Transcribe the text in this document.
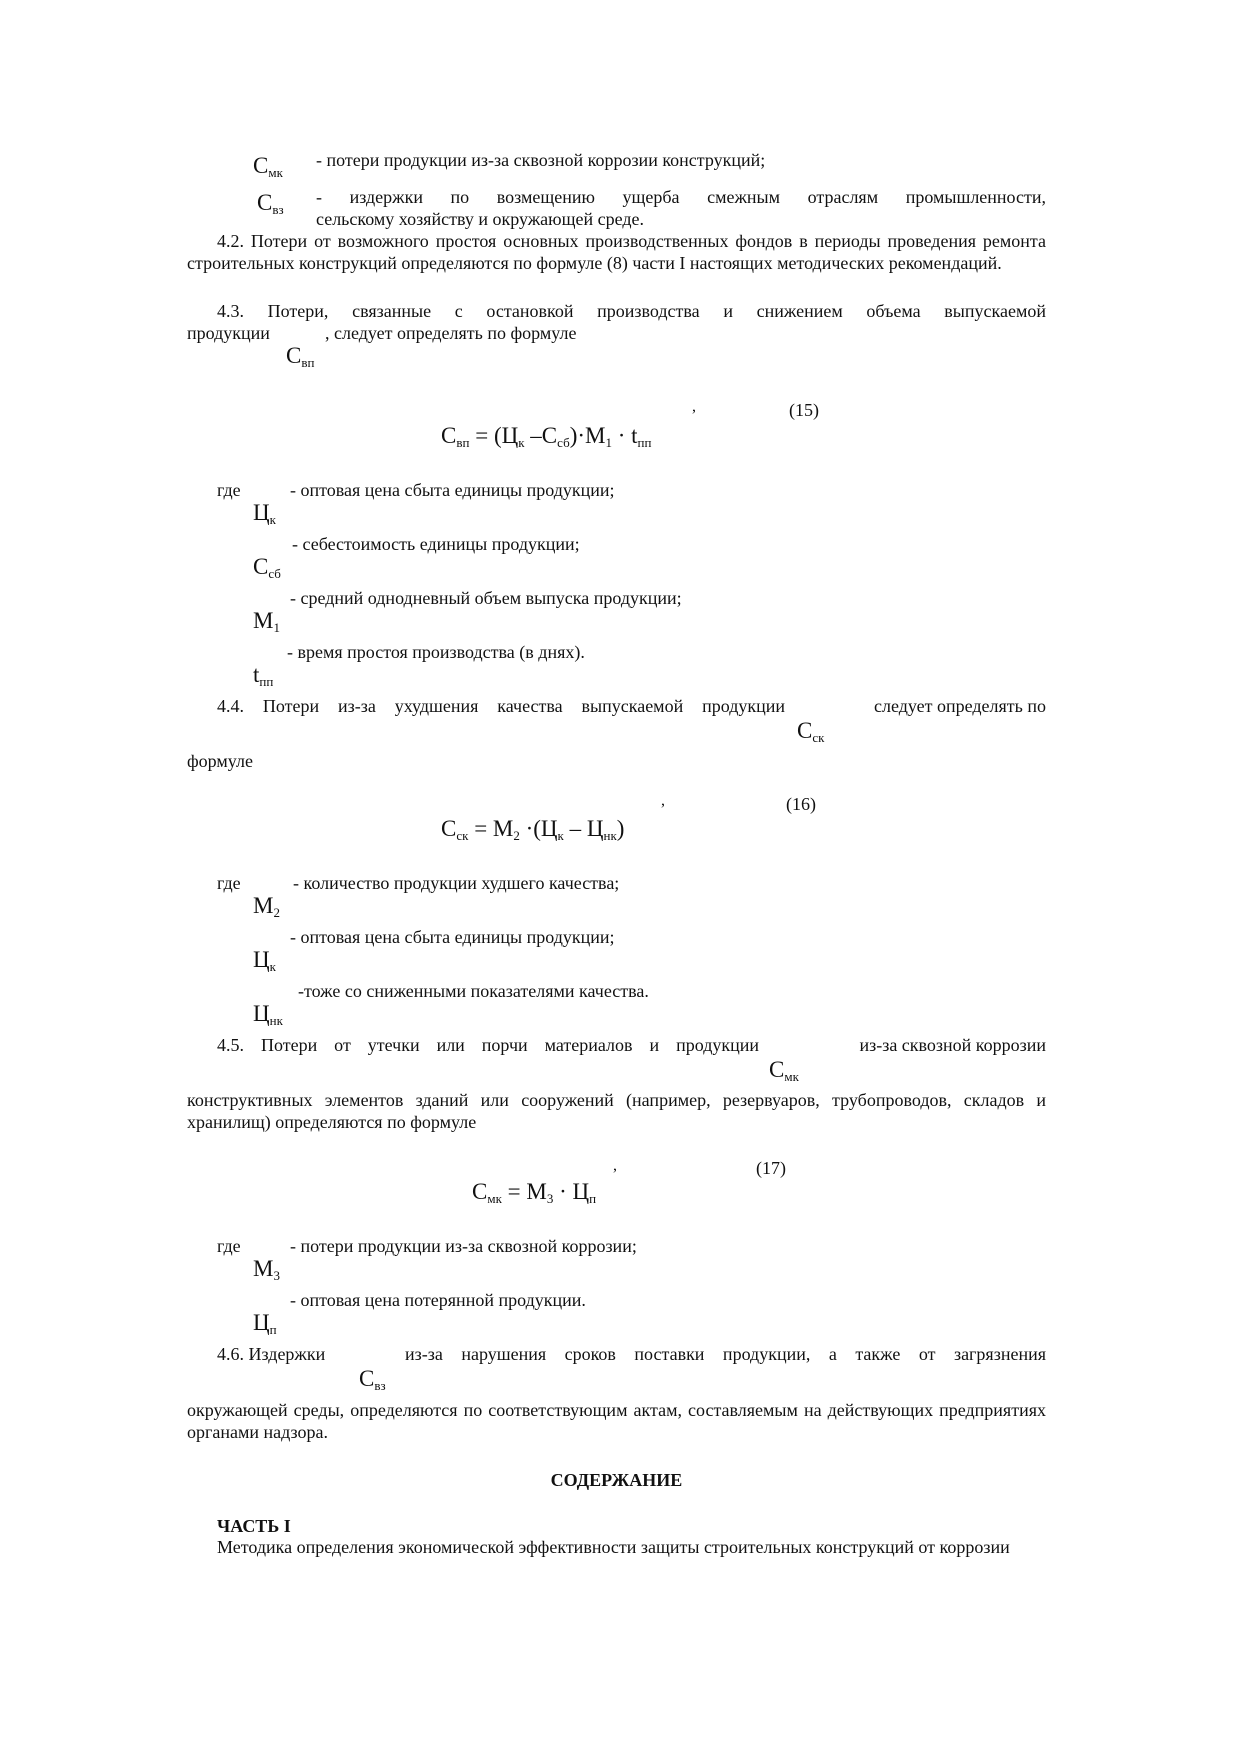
$С_{мк}$
- потери продукции из-за сквозной коррозии конструкций;
$С_{вз}$
- издержки по возмещению ущерба смежным отраслям промышленности,
сельскому хозяйству и окружающей среде.
4.2. Потери от возможного простоя основных производственных фондов в периоды проведения ремонта строительных конструкций определяются по формуле (8) части I настоящих методических рекомендаций.
4.3. Потери, связанные с остановкой производства и снижением объема выпускаемой
продукции	, следует определять по формуле
$С_{вп}$
$С_{вп} = (Ц_к$ $-С_{сб})\cdot М_1 \cdot t_{пп}$
,	(15)
где	- оптовая цена сбыта единицы продукции;
$Ц_к$
- себестоимость единицы продукции;
$С_{сб}$
- средний однодневный объем выпуска продукции;
$М_1$
- время простоя производства (в днях).
$t_{пп}$
4.4. Потери из-за ухудшения качества выпускаемой продукции	следует определять по
$С_{ск}$
формуле
$С_{ск} = М_2 \cdot(Ц_к - Ц_{нк})$
,	(16)
где	- количество продукции худшего качества;
$М_2$
- оптовая цена сбыта единицы продукции;
$Ц_к$
-тоже со сниженными показателями качества.
$Ц_{нк}$
4.5. Потери от утечки или порчи материалов и продукции	из-за сквозной коррозии
$С_{мк}$
конструктивных элементов зданий или сооружений (например, резервуаров, трубопроводов, складов и хранилищ) определяются по формуле
$С_{мк} = М_3 \cdot Ц_п$
,	(17)
где	- потери продукции из-за сквозной коррозии;
$М_3$
- оптовая цена потерянной продукции.
$Ц_п$
4.6. Издержки	из-за нарушения сроков поставки продукции, а также от загрязнения
$С_{вз}$
окружающей среды, определяются по соответствующим актам, составляемым на действующих предприятиях органами надзора.
СОДЕРЖАНИЕ
ЧАСТЬ I
Методика определения экономической эффективности защиты строительных конструкций от коррозии
